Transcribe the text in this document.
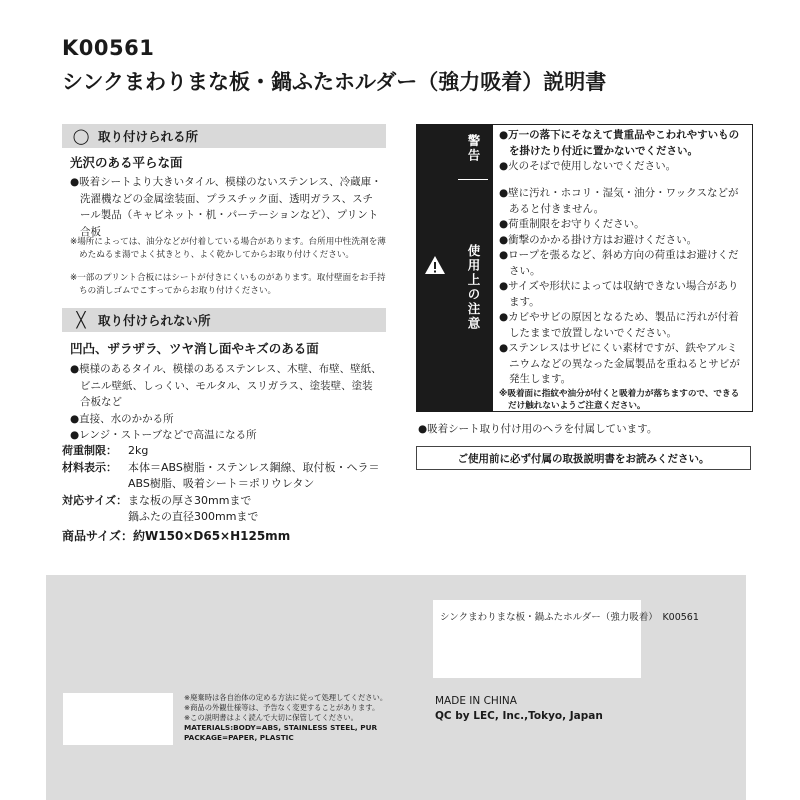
K00561
シンクまわりまな板・鍋ふたホルダー（強力吸着）説明書
◯ 取り付けられる所
光沢のある平らな面
●吸着シートより大きいタイル、模様のないステンレス、冷蔵庫・洗濯機などの金属塗装面、プラスチック面、透明ガラス、スチール製品（キャビネット・机・パーテーションなど）、プリント合板
※場所によっては、油分などが付着している場合があります。台所用中性洗剤を薄めたぬるま湯でよく拭きとり、よく乾かしてからお取り付けください。
※一部のプリント合板にはシートが付きにくいものがあります。取付壁面をお手持ちの消しゴムでこすってからお取り付けください。
╳ 取り付けられない所
凹凸、ザラザラ、ツヤ消し面やキズのある面
●模様のあるタイル、模様のあるステンレス、木壁、布壁、壁紙、ビニル壁紙、しっくい、モルタル、スリガラス、塗装壁、塗装合板など
●直接、水のかかる所
●レンジ・ストーブなどで高温になる所
荷重制限：	2kg
材料表示：	本体＝ABS樹脂・ステンレス鋼線、取付板・ヘラ＝ABS樹脂、吸着シート＝ポリウレタン
対応サイズ： まな板の厚さ30mmまで
鍋ふたの直径300mmまで
商品サイズ：約W150×D65×H125mm
警告
使用上の注意
●万一の落下にそなえて貴重品やこわれやすいものを掛けたり付近に置かないでください。
●火のそばで使用しないでください。
●壁に汚れ・ホコリ・湿気・油分・ワックスなどがあると付きません。
●荷重制限をお守りください。
●衝撃のかかる掛け方はお避けください。
●ロープを張るなど、斜め方向の荷重はお避けください。
●サイズや形状によっては収納できない場合があります。
●カビやサビの原因となるため、製品に汚れが付着したままで放置しないでください。
●ステンレスはサビにくい素材ですが、鉄やアルミニウムなどの異なった金属製品を重ねるとサビが発生します。
※吸着面に指紋や油分が付くと吸着力が落ちますので、できるだけ触れないようご注意ください。
●吸着シート取り付け用のヘラを付属しています。
ご使用前に必ず付属の取扱説明書をお読みください。
シンクまわりまな板・鍋ふたホルダー（強力吸着）　K00561
※廃棄時は各自治体の定める方法に従って処理してください。
※商品の外観仕様等は、予告なく変更することがあります。
※この説明書はよく読んで大切に保管してください。
MATERIALS:BODY=ABS, STAINLESS STEEL, PUR
PACKAGE=PAPER, PLASTIC
MADE IN CHINA
QC by LEC, Inc.,Tokyo, Japan
